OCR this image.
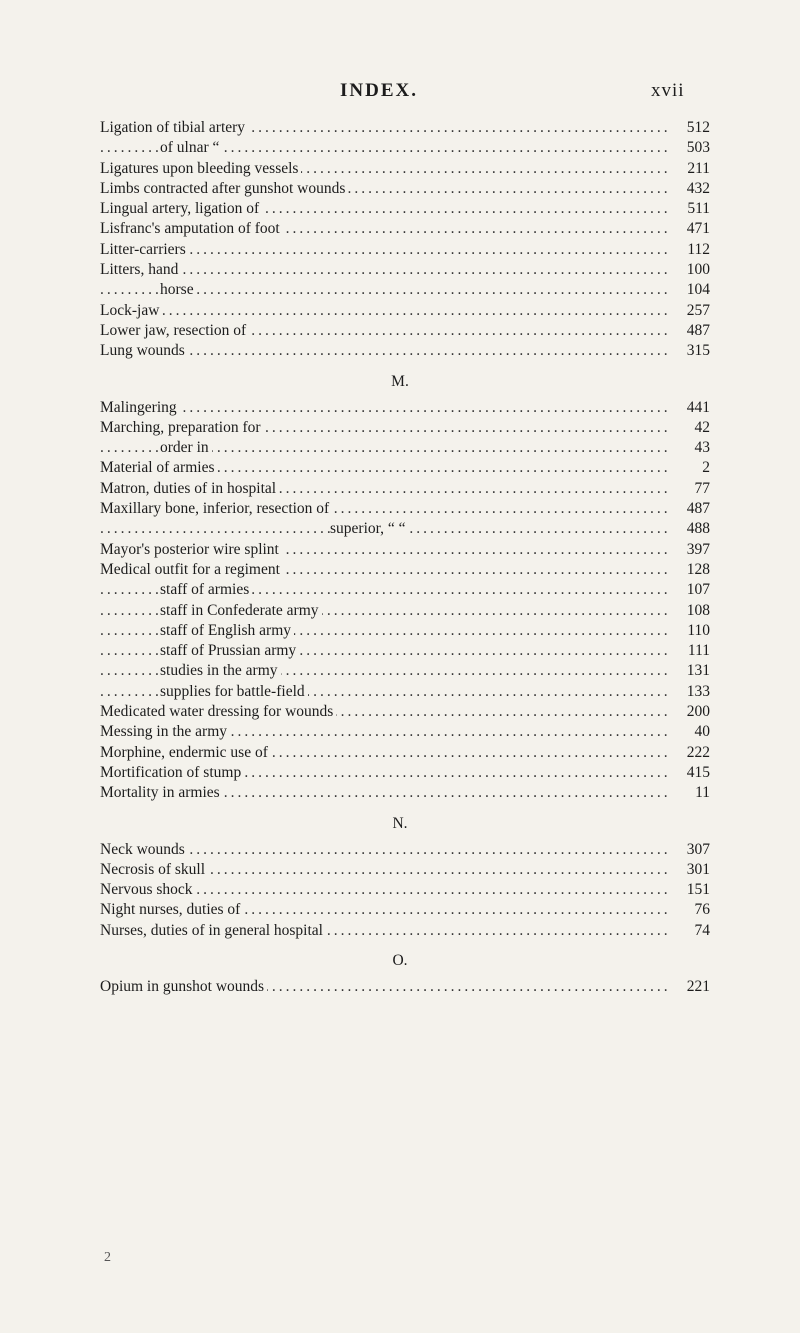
INDEX.	xvii
.....
Ligation of tibial artery	512
.....
of ulnar “	503
.....
Ligatures upon bleeding vessels	211
.....
Limbs contracted after gunshot wounds	432
.....
Lingual artery, ligation of	511
.....
Lisfranc's amputation of foot	471
.....
Litter-carriers	112
.....
Litters, hand	100
.....
horse	104
.....
Lock-jaw	257
.....
Lower jaw, resection of	487
.....
Lung wounds	315
M.
.....
Malingering	441
.....
Marching, preparation for	42
.....
order in	43
.....
Material of armies	2
.....
Matron, duties of in hospital	77
.....
Maxillary bone, inferior, resection of	487
.....
superior, “ “	488
.....
Mayor's posterior wire splint	397
.....
Medical outfit for a regiment	128
.....
staff of armies	107
.....
staff in Confederate army	108
.....
staff of English army	110
.....
staff of Prussian army	111
.....
studies in the army	131
.....
supplies for battle-field	133
.....
Medicated water dressing for wounds	200
.....
Messing in the army	40
.....
Morphine, endermic use of	222
.....
Mortification of stump	415
.....
Mortality in armies	11
N.
.....
Neck wounds	307
.....
Necrosis of skull	301
.....
Nervous shock	151
.....
Night nurses, duties of	76
.....
Nurses, duties of in general hospital	74
O.
.....
Opium in gunshot wounds	221
2
